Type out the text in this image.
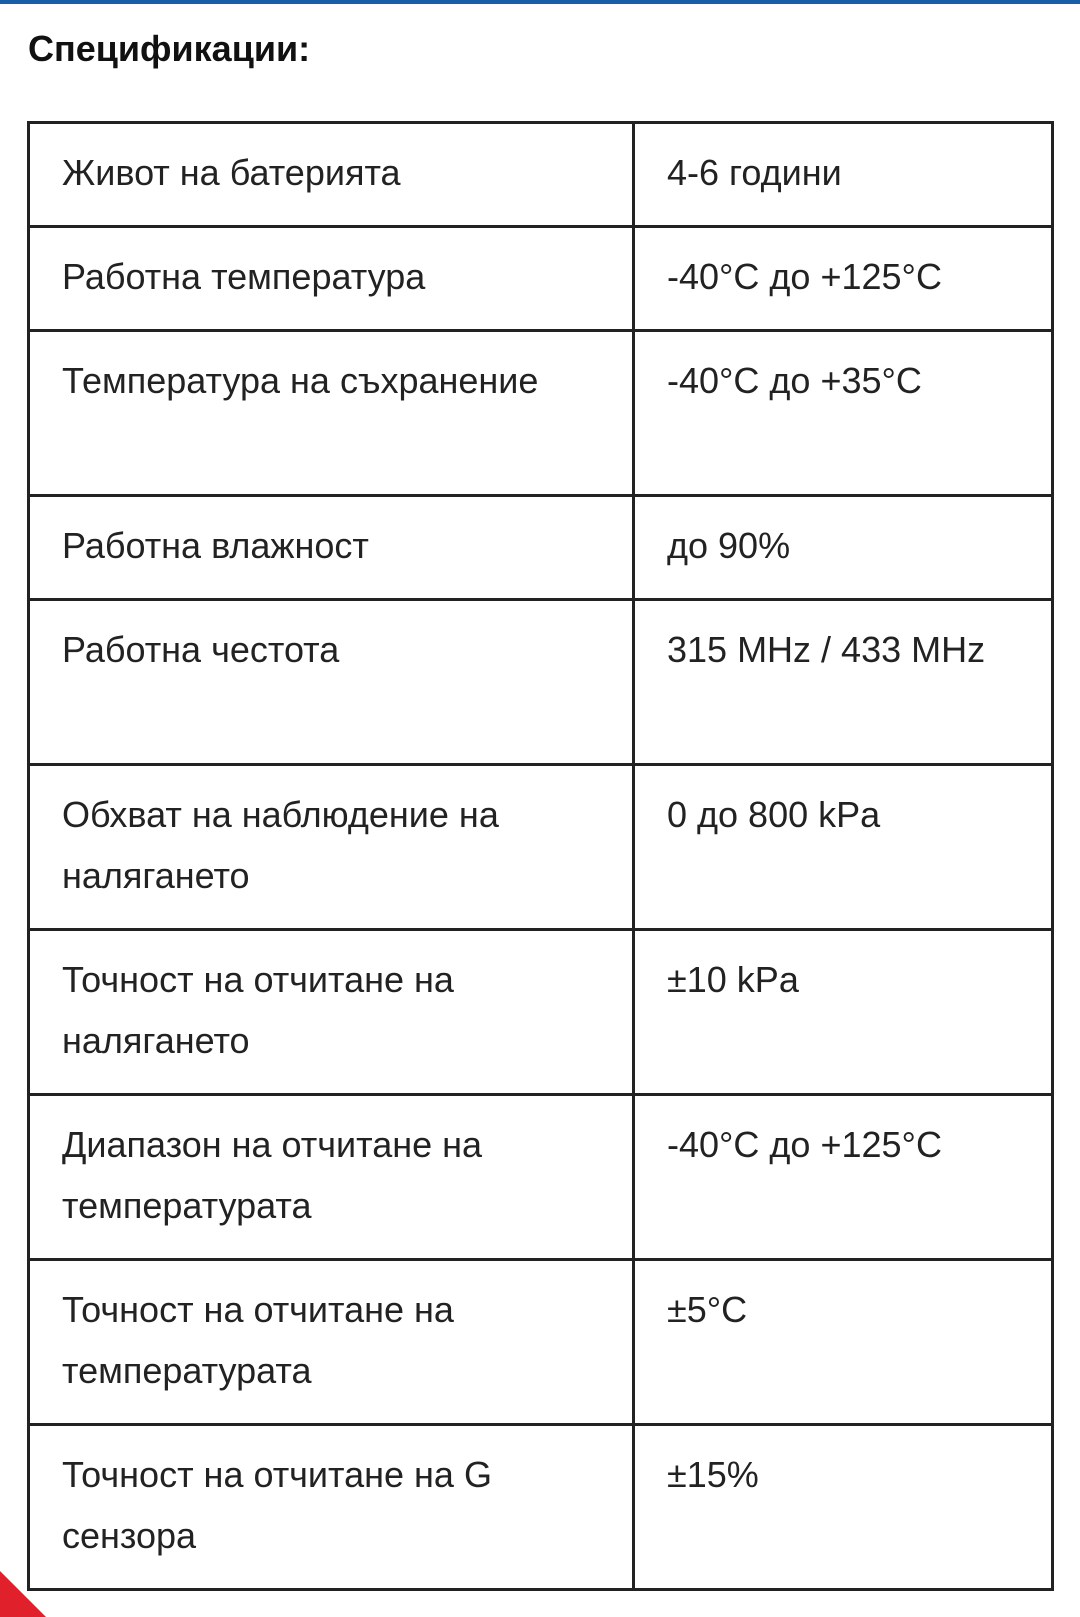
Спецификации:
Живот на батерията	4-6 години
Работна температура	-40°C до +125°C
Температура на съхранение	-40°C до +35°C
Работна влажност	до 90%
Работна честота	315 MHz / 433 MHz
Обхват на наблюдение на налягането	0 до 800 kPa
Точност на отчитане на налягането	±10 kPa
Диапазон на отчитане на температурата	-40°C до +125°C
Точност на отчитане на температурата	±5°C
Точност на отчитане на G сензора	±15%
